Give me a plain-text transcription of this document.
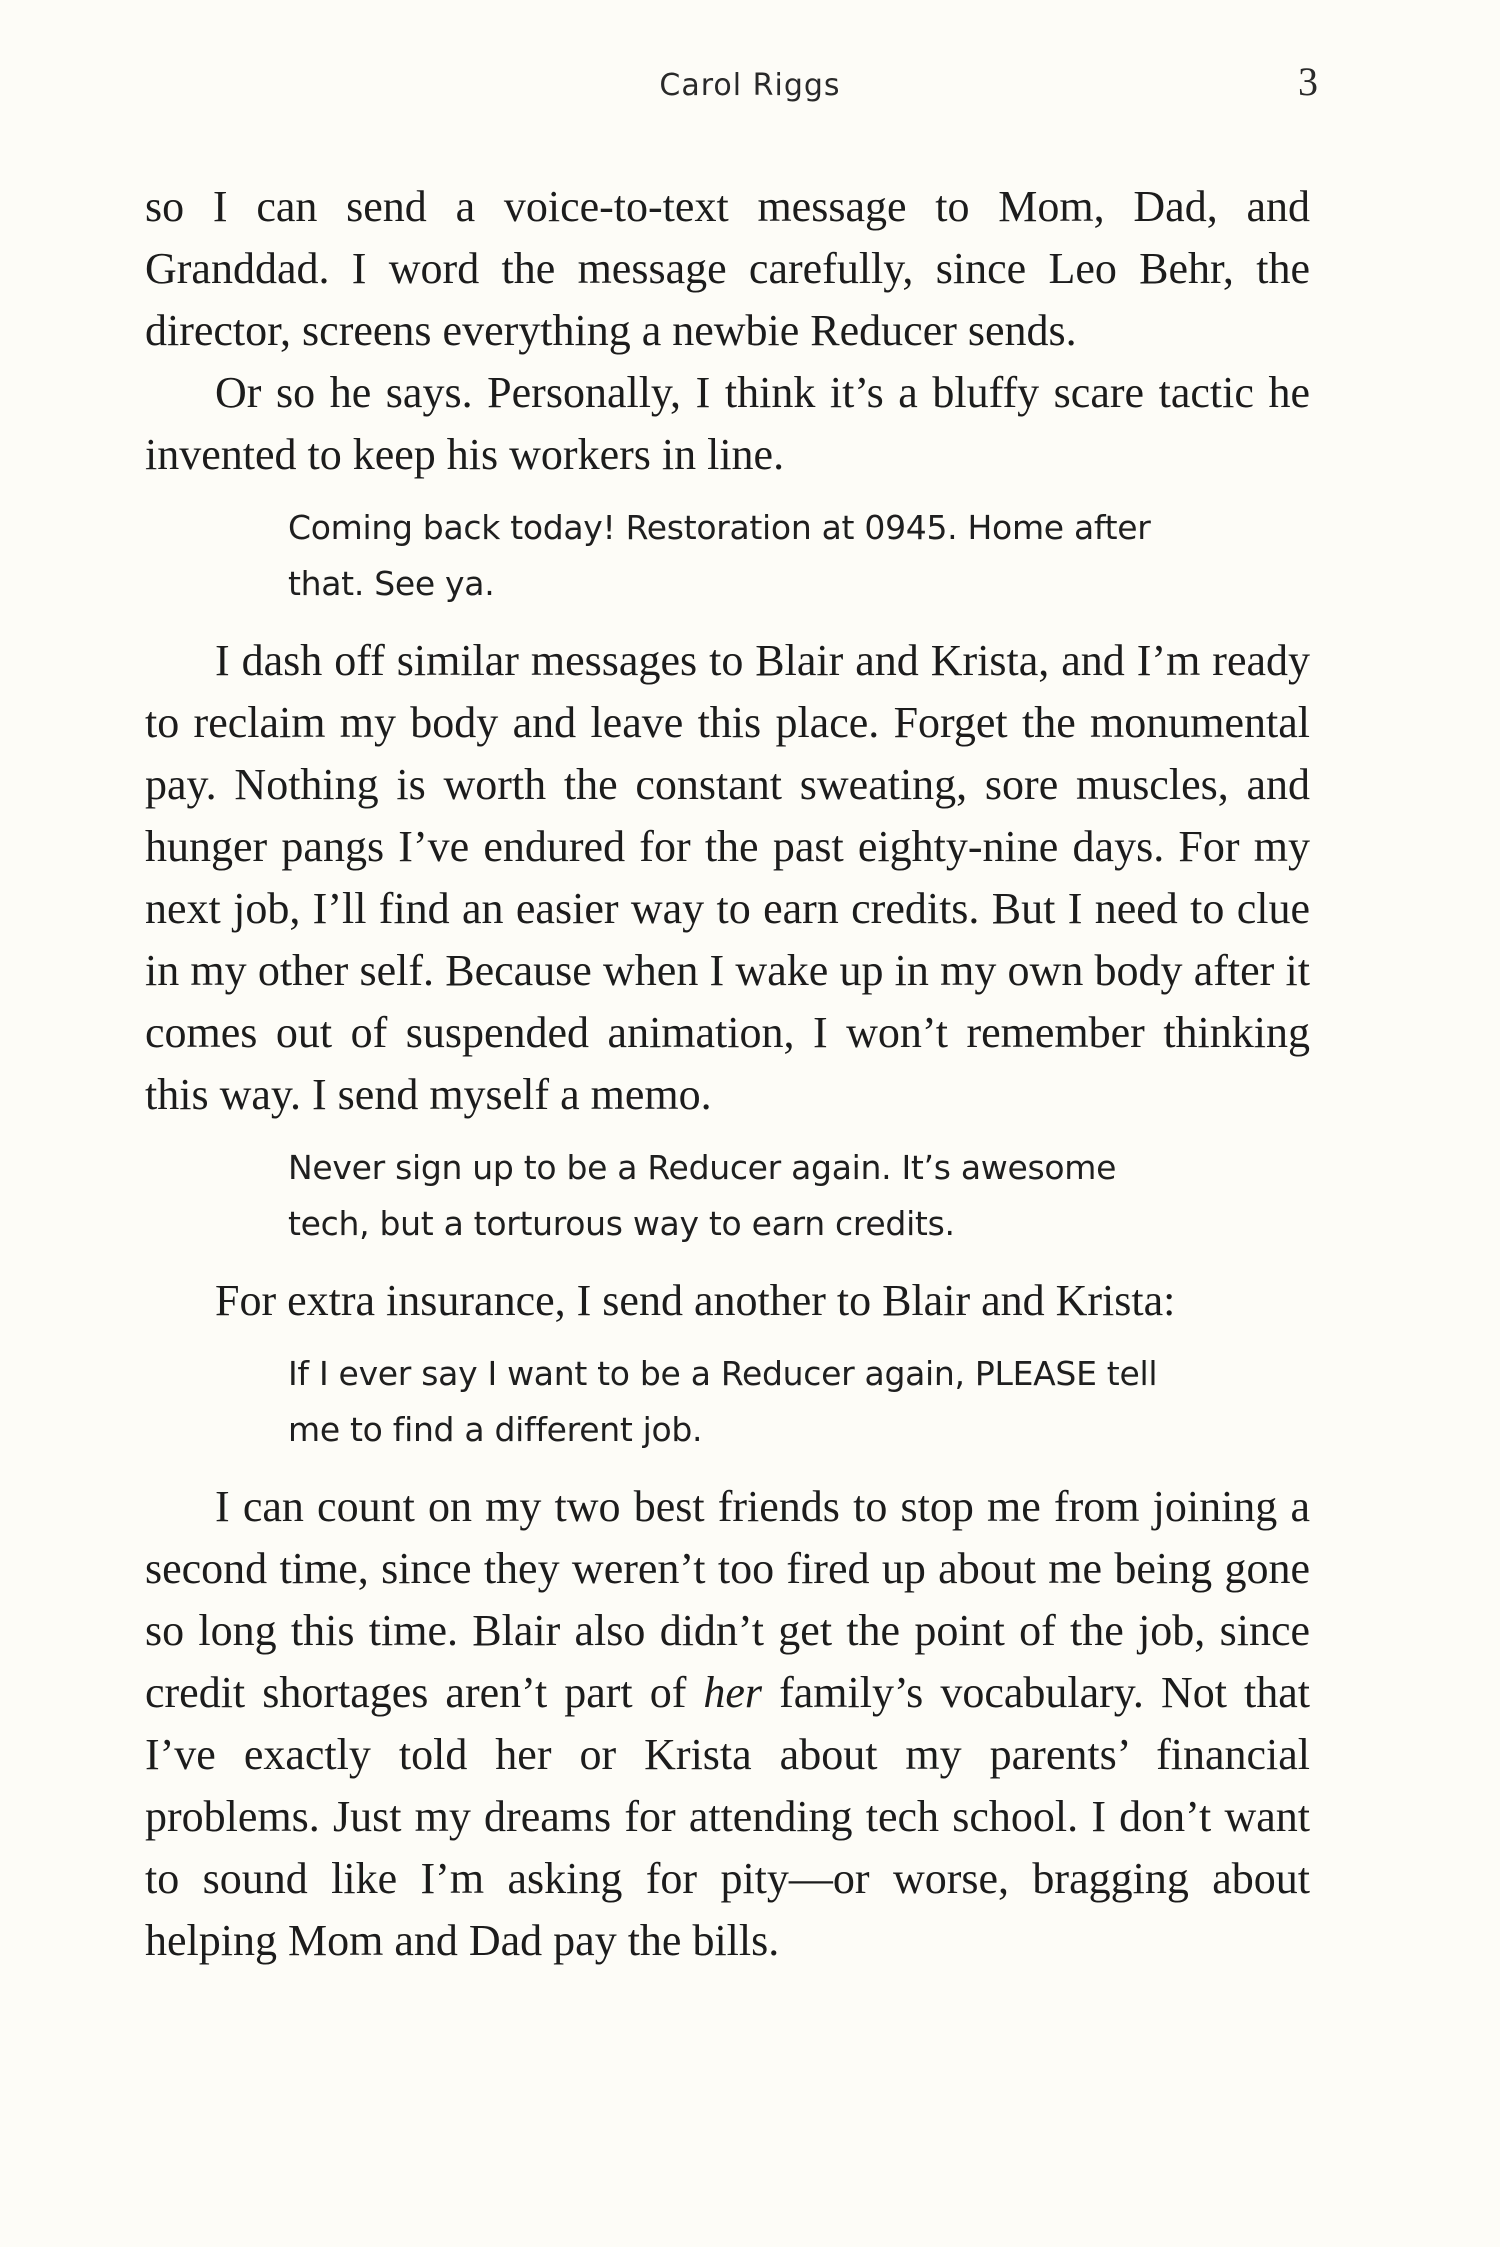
Carol Riggs	3

so I can send a voice-to-text message to Mom, Dad, and Granddad. I word the message carefully, since Leo Behr, the director, screens everything a newbie Reducer sends.

Or so he says. Personally, I think it’s a bluffy scare tactic he invented to keep his workers in line.

Coming back today! Restoration at 0945. Home after that. See ya.

I dash off similar messages to Blair and Krista, and I’m ready to reclaim my body and leave this place. Forget the monumental pay. Nothing is worth the constant sweating, sore muscles, and hunger pangs I’ve endured for the past eighty-nine days. For my next job, I’ll find an easier way to earn credits. But I need to clue in my other self. Because when I wake up in my own body after it comes out of suspended animation, I won’t remember thinking this way. I send myself a memo.

Never sign up to be a Reducer again. It’s awesome tech, but a torturous way to earn credits.

For extra insurance, I send another to Blair and Krista:

If I ever say I want to be a Reducer again, PLEASE tell me to find a different job.

I can count on my two best friends to stop me from joining a second time, since they weren’t too fired up about me being gone so long this time. Blair also didn’t get the point of the job, since credit shortages aren’t part of her family’s vocabulary. Not that I’ve exactly told her or Krista about my parents’ financial problems. Just my dreams for attending tech school. I don’t want to sound like I’m asking for pity—or worse, bragging about helping Mom and Dad pay the bills.
